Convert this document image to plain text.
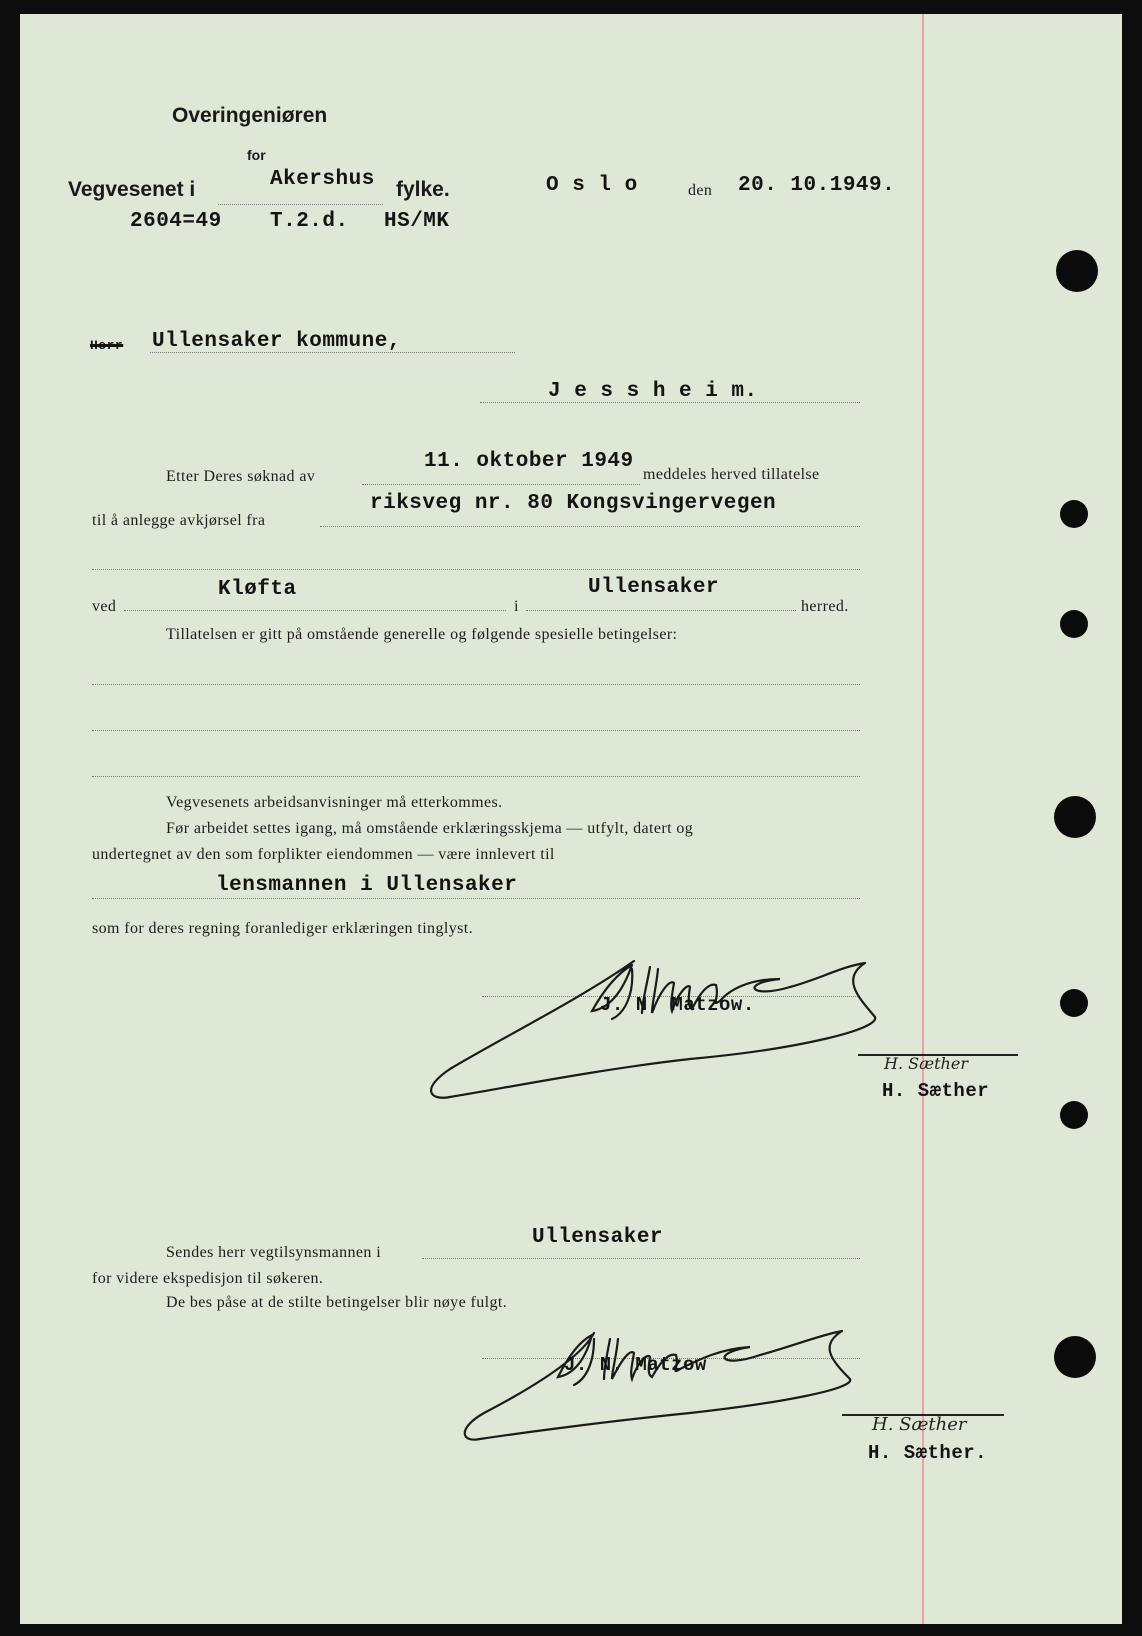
Overingeniøren
for
Vegvesenet i	Akershus fylke.
2604=49 T.2.d. HS/MK
O s l o	den 20. 10.1949.
Herr Ullensaker kommune,
J e s s h e i m.
Etter Deres søknad av
11. oktober 1949
meddeles herved tillatelse
til å anlegge avkjørsel fra
riksveg nr. 80 Kongsvingervegen
ved
Kløfta
i
Ullensaker
herred.
Tillatelsen er gitt på omstående generelle og følgende spesielle betingelser:
Vegvesenets arbeidsanvisninger må etterkommes.
Før arbeidet settes igang, må omstående erklæringsskjema — utfylt, datert og
undertegnet av den som forplikter eiendommen — være innlevert til
lensmannen i Ullensaker
som for deres regning foranlediger erklæringen tinglyst.
J. N. Matzow.
H. Sæther
H. Sæther
Sendes herr vegtilsynsmannen i
Ullensaker
for videre ekspedisjon til søkeren.
De bes påse at de stilte betingelser blir nøye fulgt.
J. N. Matzow
H. Sæther
H. Sæther.
